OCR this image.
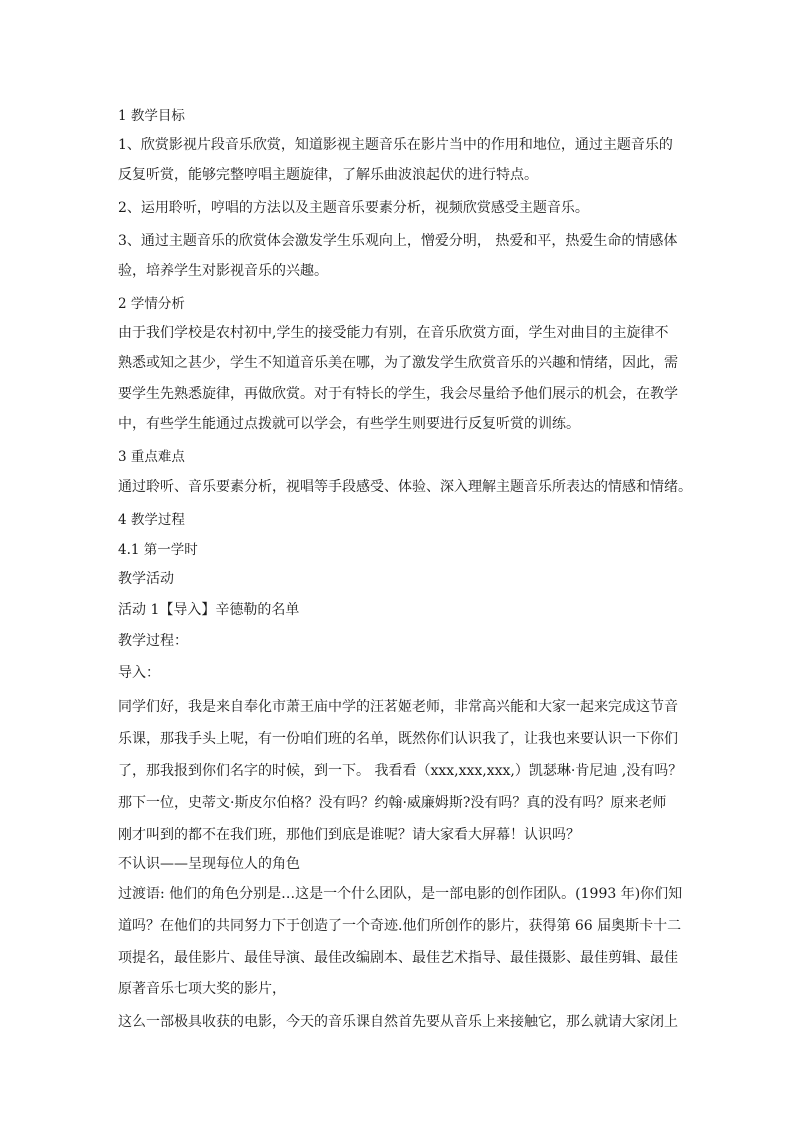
1 教学目标
1、欣赏影视片段音乐欣赏，知道影视主题音乐在影片当中的作用和地位，通过主题音乐的
反复听赏，能够完整哼唱主题旋律，了解乐曲波浪起伏的进行特点。
2、运用聆听，哼唱的方法以及主题音乐要素分析，视频欣赏感受主题音乐。
3、通过主题音乐的欣赏体会激发学生乐观向上，憎爱分明， 热爱和平，热爱生命的情感体
验，培养学生对影视音乐的兴趣。
2 学情分析
由于我们学校是农村初中,学生的接受能力有别，在音乐欣赏方面，学生对曲目的主旋律不
熟悉或知之甚少，学生不知道音乐美在哪，为了激发学生欣赏音乐的兴趣和情绪，因此，需
要学生先熟悉旋律，再做欣赏。对于有特长的学生，我会尽量给予他们展示的机会，在教学
中，有些学生能通过点拨就可以学会，有些学生则要进行反复听赏的训练。
3 重点难点
通过聆听、音乐要素分析，视唱等手段感受、体验、深入理解主题音乐所表达的情感和情绪。
4 教学过程
4.1 第一学时
教学活动
活动 1【导入】辛德勒的名单
教学过程：
导入：
同学们好，我是来自奉化市萧王庙中学的汪茗姬老师，非常高兴能和大家一起来完成这节音
乐课，那我手头上呢，有一份咱们班的名单，既然你们认识我了，让我也来要认识一下你们
了，那我报到你们名字的时候，到一下。 我看看（xxx,xxx,xxx,）凯瑟琳·肯尼迪 ,没有吗？
那下一位，史蒂文·斯皮尔伯格？没有吗？约翰·威廉姆斯?没有吗？真的没有吗？原来老师
刚才叫到的都不在我们班，那他们到底是谁呢？请大家看大屏幕！认识吗？
不认识——呈现每位人的角色
过渡语: 他们的角色分别是…这是一个什么团队，是一部电影的创作团队。(1993 年)你们知
道吗？在他们的共同努力下于创造了一个奇迹.他们所创作的影片，获得第 66 届奥斯卡十二
项提名，最佳影片、最佳导演、最佳改编剧本、最佳艺术指导、最佳摄影、最佳剪辑、最佳
原著音乐七项大奖的影片，
这么一部极具收获的电影，今天的音乐课自然首先要从音乐上来接触它，那么就请大家闭上
